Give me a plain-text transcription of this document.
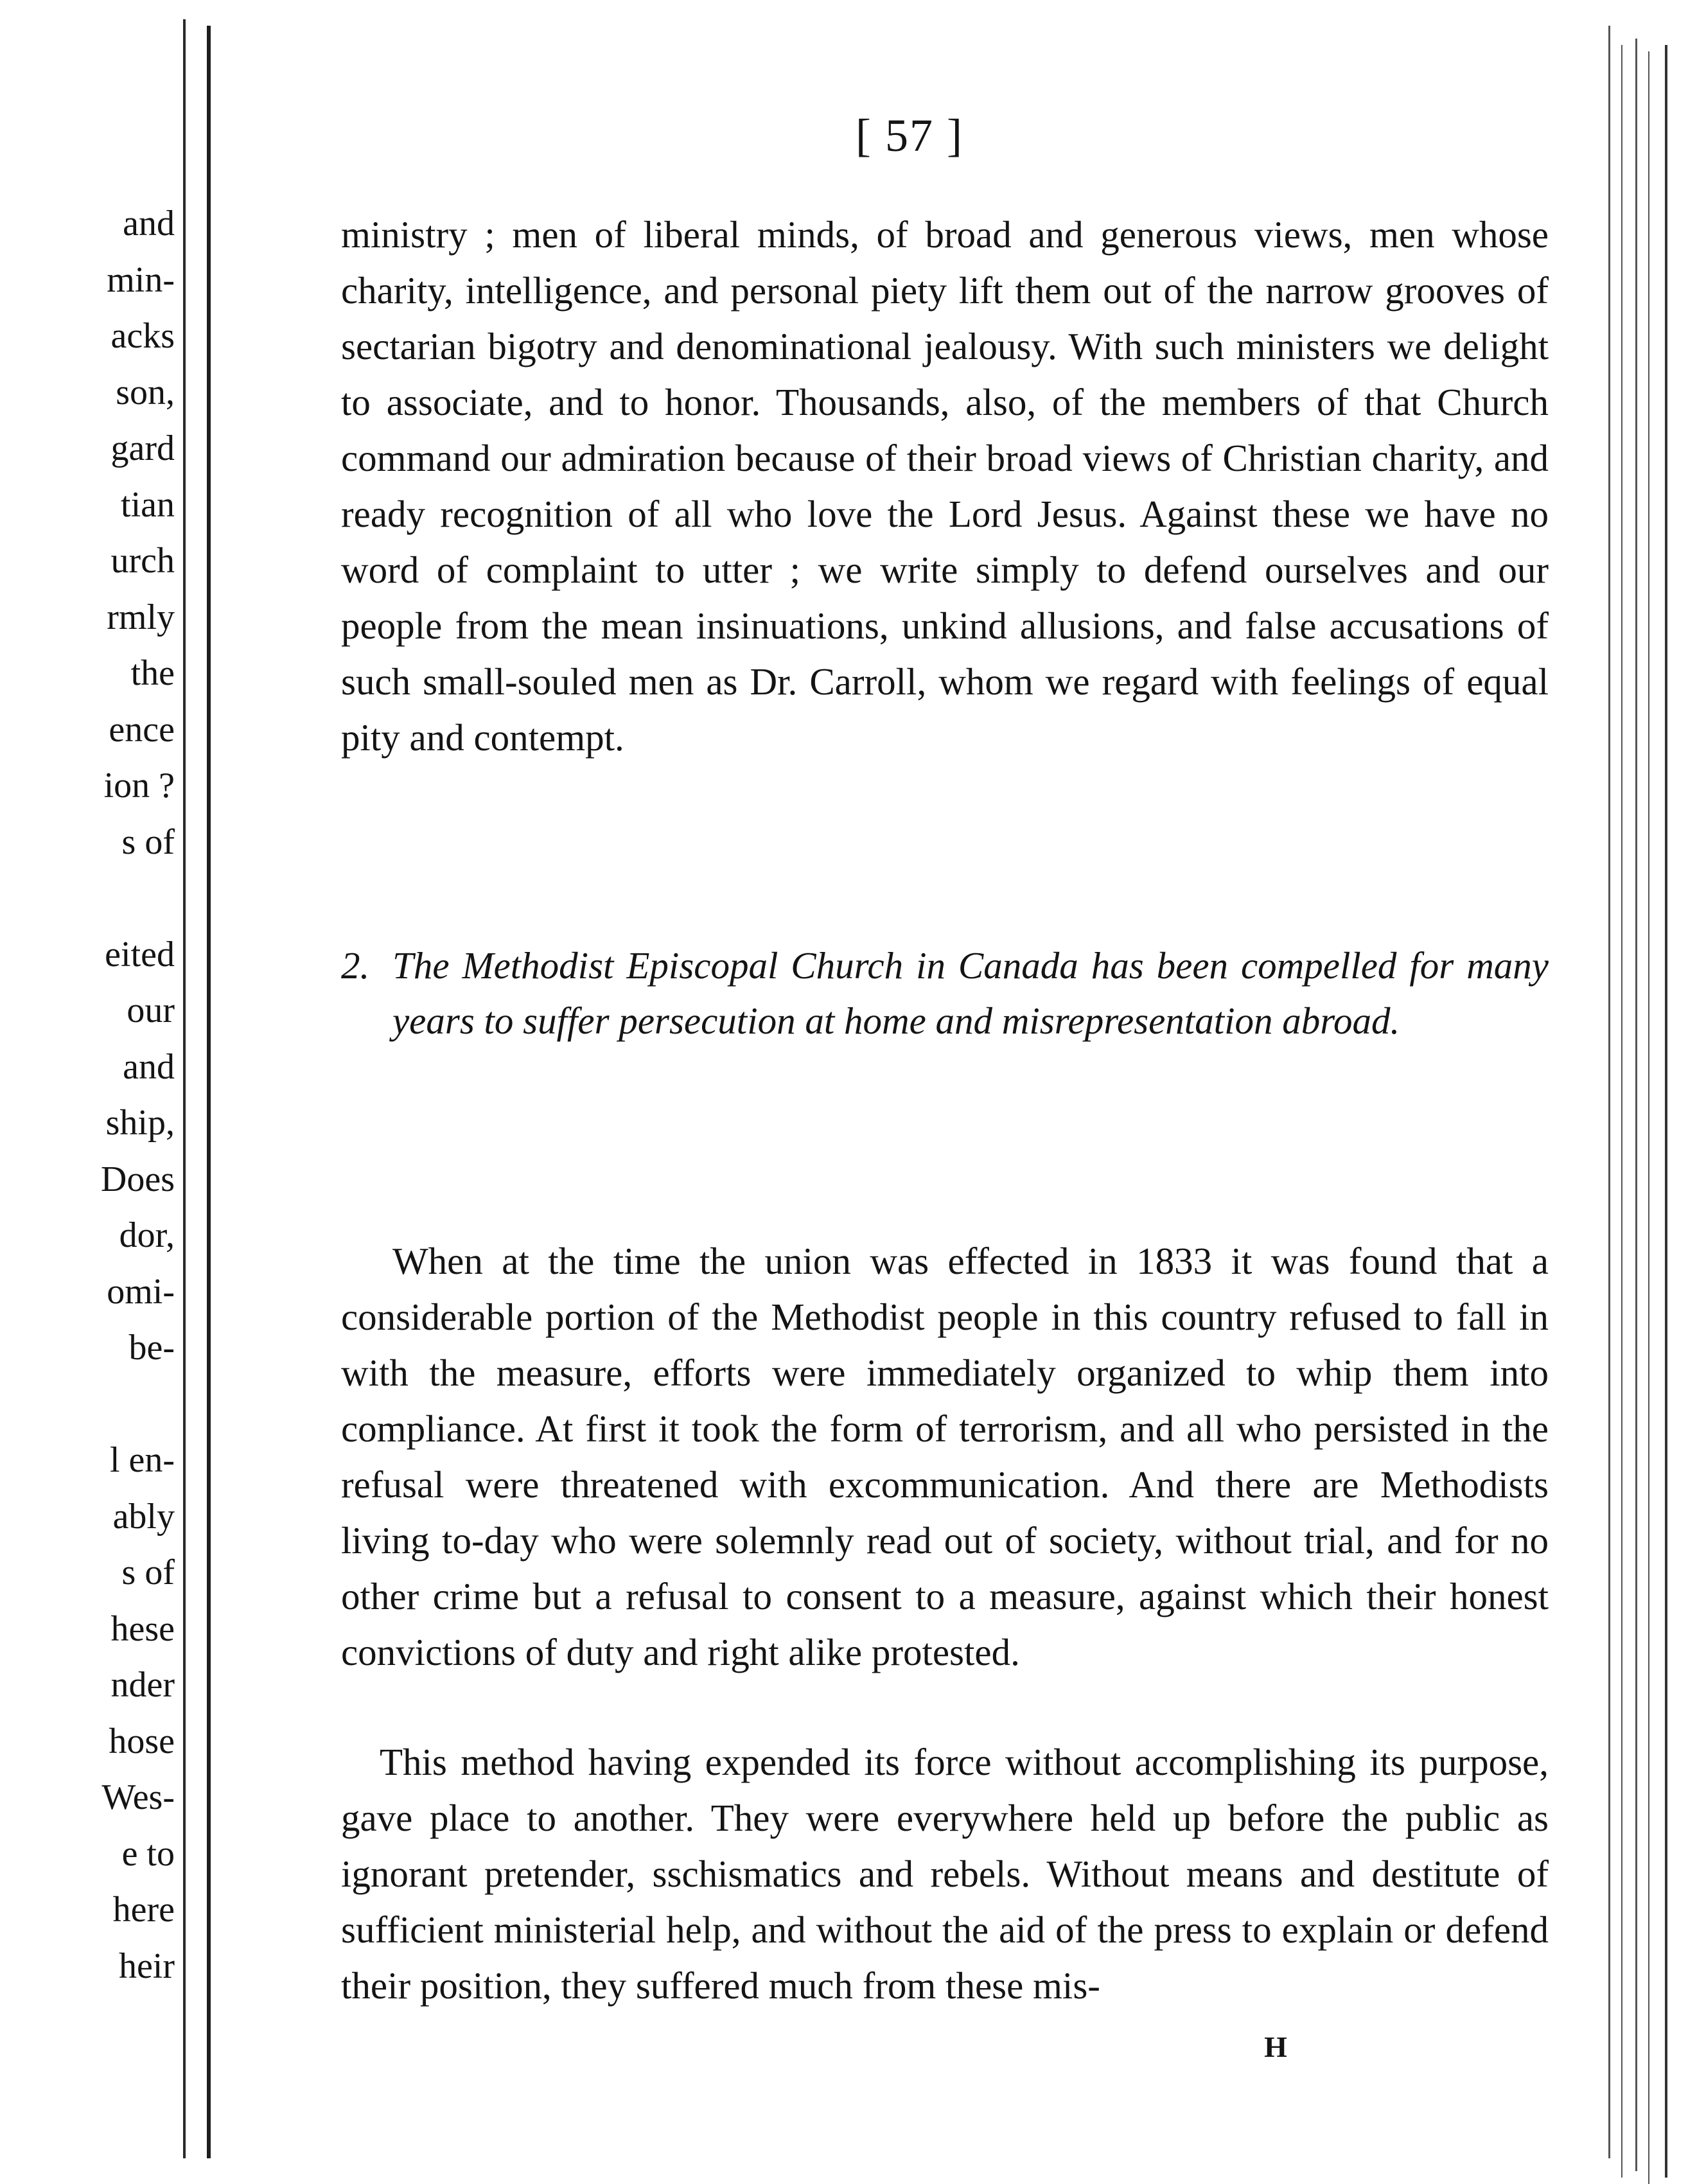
and
min-
acks
son,
gard
tian
urch
rmly
the
ence
ion ?
s of
eited
our
and
ship,
Does
dor,
omi-
be-
l en-
ably
s of
hese
nder
hose
Wes-
e to
here
heir
[ 57 ]

ministry ; men of liberal minds, of broad and generous views, men whose charity, intelligence, and personal piety lift them out of the narrow grooves of sectarian bigotry and denominational jealousy. With such ministers we delight to associate, and to honor. Thousands, also, of the members of that Church command our admiration because of their broad views of Christian charity, and ready recognition of all who love the Lord Jesus. Against these we have no word of complaint to utter ; we write simply to defend ourselves and our people from the mean insinuations, unkind allusions, and false accusations of such small-souled men as Dr. Carroll, whom we regard with feelings of equal pity and contempt.

2. The Methodist Episcopal Church in Canada has been compelled for many years to suffer persecution at home and misrepresentation abroad.

When at the time the union was effected in 1833 it was found that a considerable portion of the Methodist people in this country refused to fall in with the measure, efforts were immediately organized to whip them into compliance. At first it took the form of terrorism, and all who persisted in the refusal were threatened with excommunication. And there are Methodists living to-day who were solemnly read out of society, without trial, and for no other crime but a refusal to consent to a measure, against which their honest convictions of duty and right alike protested.

This method having expended its force without accomplishing its purpose, gave place to another. They were everywhere held up before the public as ignorant pretender, sschismatics and rebels. Without means and destitute of sufficient ministerial help, and without the aid of the press to explain or defend their position, they suffered much from these mis-

H
